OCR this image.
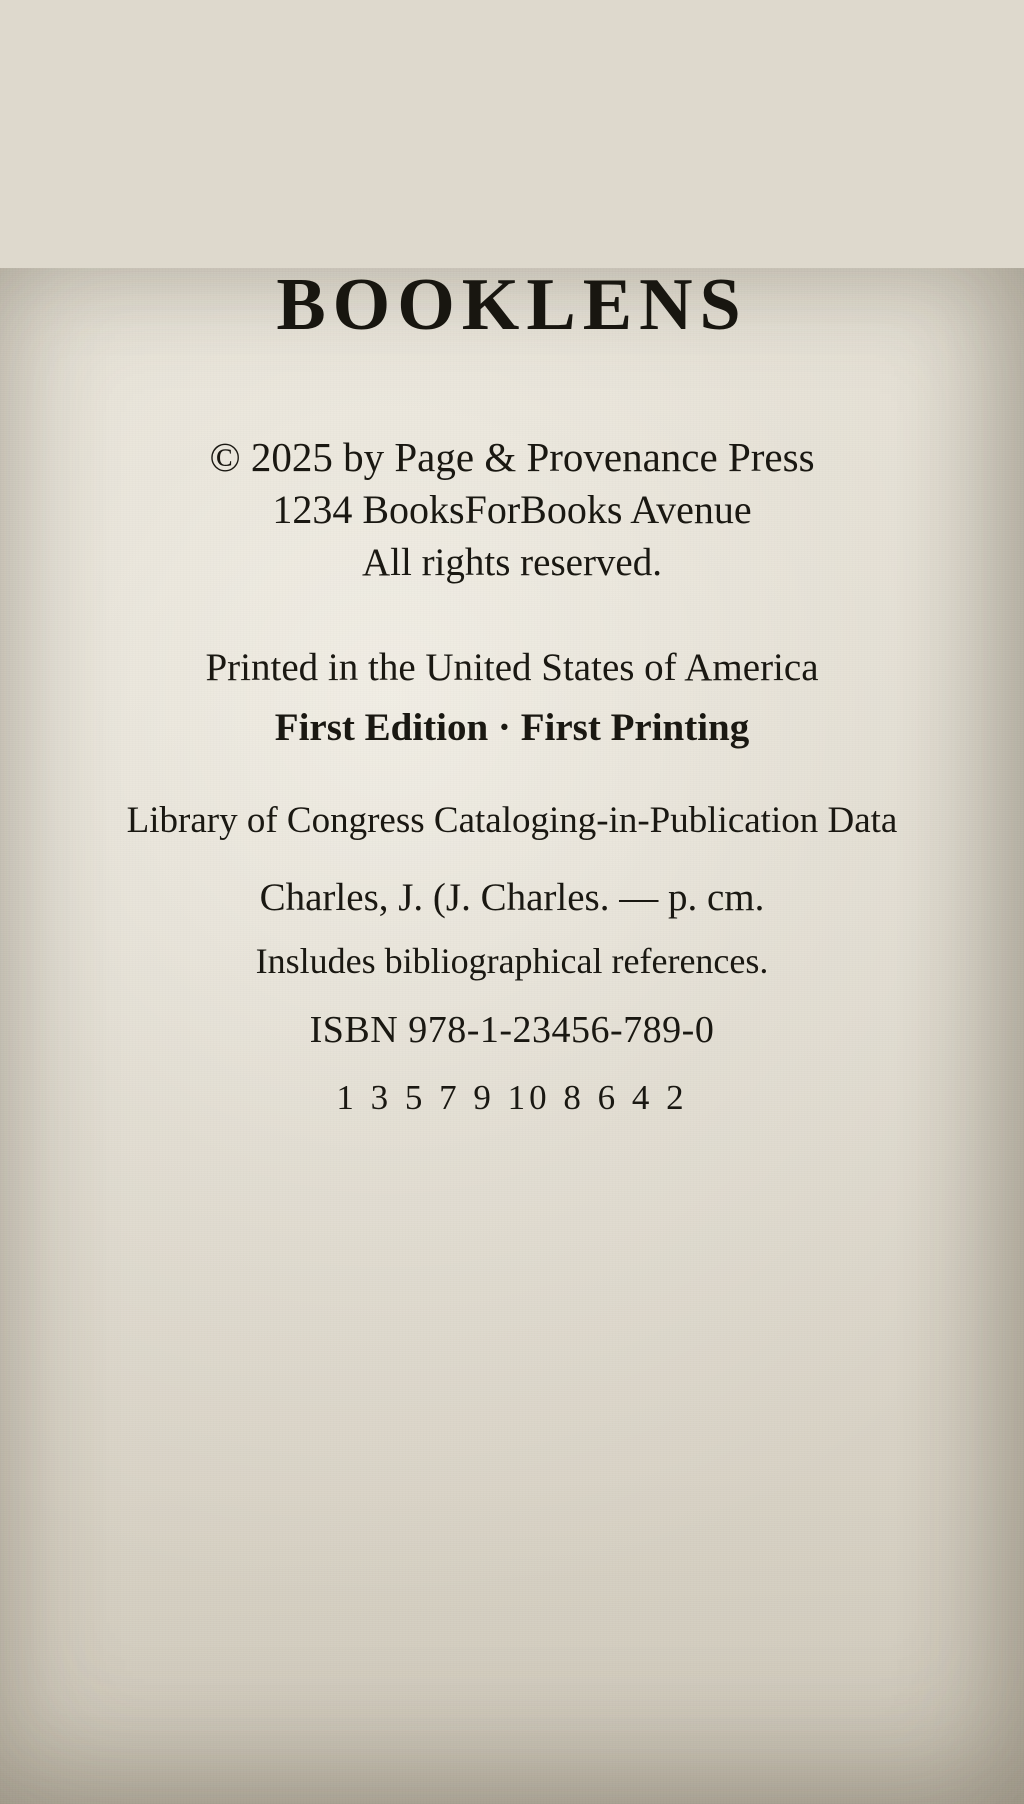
BOOKLENS
© 2025 by Page & Provenance Press
1234 BooksForBooks Avenue
All rights reserved.
Printed in the United States of America
First Edition · First Printing
Library of Congress Cataloging-in-Publication Data
Charles, J. (J. Charles. — p. cm.
Insludes bibliographical references.
ISBN 978-1-23456-789-0
1 3 5 7 9 10 8 6 4 2
